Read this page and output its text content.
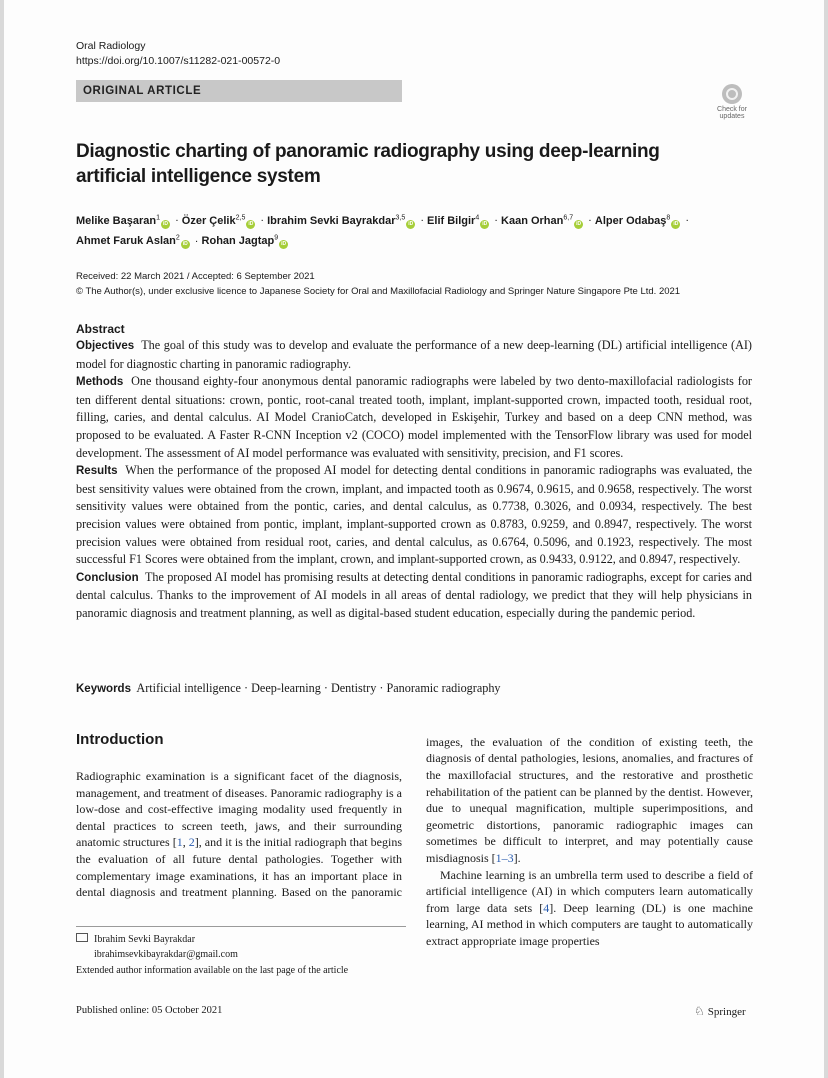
Oral Radiology
https://doi.org/10.1007/s11282-021-00572-0
ORIGINAL ARTICLE
Check for
updates
Diagnostic charting of panoramic radiography using deep-learning
artificial intelligence system
Melike Başaran$^1$iD · Özer Çelik$^{2,5}$iD · Ibrahim Sevki Bayrakdar$^{3,5}$iD · Elif Bilgir$^4$iD · Kaan Orhan$^{6,7}$iD · Alper Odabaş$^8$iD ·
Ahmet Faruk Aslan$^2$iD · Rohan Jagtap$^9$iD
Received: 22 March 2021 / Accepted: 6 September 2021
© The Author(s), under exclusive licence to Japanese Society for Oral and Maxillofacial Radiology and Springer Nature Singapore Pte Ltd. 2021
Abstract

Objectives The goal of this study was to develop and evaluate the performance of a new deep-learning (DL) artificial intelligence (AI) model for diagnostic charting in panoramic radiography.

Methods One thousand eighty-four anonymous dental panoramic radiographs were labeled by two dento-maxillofacial radiologists for ten different dental situations: crown, pontic, root-canal treated tooth, implant, implant-supported crown, impacted tooth, residual root, filling, caries, and dental calculus. AI Model CranioCatch, developed in Eskişehir, Turkey and based on a deep CNN method, was proposed to be evaluated. A Faster R-CNN Inception v2 (COCO) model implemented with the TensorFlow library was used for model development. The assessment of AI model performance was evaluated with sensitivity, precision, and F1 scores.

Results When the performance of the proposed AI model for detecting dental conditions in panoramic radiographs was evaluated, the best sensitivity values were obtained from the crown, implant, and impacted tooth as 0.9674, 0.9615, and 0.9658, respectively. The worst sensitivity values were obtained from the pontic, caries, and dental calculus, as 0.7738, 0.3026, and 0.0934, respectively. The best precision values were obtained from pontic, implant, implant-supported crown as 0.8783, 0.9259, and 0.8947, respectively. The worst precision values were obtained from residual root, caries, and dental calculus, as 0.6764, 0.5096, and 0.1923, respectively. The most successful F1 Scores were obtained from the implant, crown, and implant-supported crown, as 0.9433, 0.9122, and 0.8947, respectively.

Conclusion The proposed AI model has promising results at detecting dental conditions in panoramic radiographs, except for caries and dental calculus. Thanks to the improvement of AI models in all areas of dental radiology, we predict that they will help physicians in panoramic diagnosis and treatment planning, as well as digital-based student education, especially during the pandemic period.

Keywords Artificial intelligence · Deep-learning · Dentistry · Panoramic radiography
Introduction

Radiographic examination is a significant facet of the diagnosis, management, and treatment of diseases. Panoramic radiography is a low-dose and cost-effective imaging modality used frequently in dental practices to screen teeth, jaws, and their surrounding anatomic structures [1, 2], and it is the initial radiograph that begins the evaluation of all future dental pathologies. Together with complementary image examinations, it has an important place in dental diagnosis and treatment planning. Based on the panoramic

images, the evaluation of the condition of existing teeth, the diagnosis of dental pathologies, lesions, anomalies, and fractures of the maxillofacial structures, and the restorative and prosthetic rehabilitation of the patient can be planned by the dentist. However, due to unequal magnification, multiple superimpositions, and geometric distortions, panoramic radiographic images can sometimes be difficult to interpret, and may potentially cause misdiagnosis [1–3].

Machine learning is an umbrella term used to describe a field of artificial intelligence (AI) in which computers learn automatically from large data sets [4]. Deep learning (DL) is one machine learning, AI method in which computers are taught to automatically extract appropriate image properties

Ibrahim Sevki Bayrakdar
ibrahimsevkibayrakdar@gmail.com
Extended author information available on the last page of the article
Published online: 05 October 2021	♘ Springer
